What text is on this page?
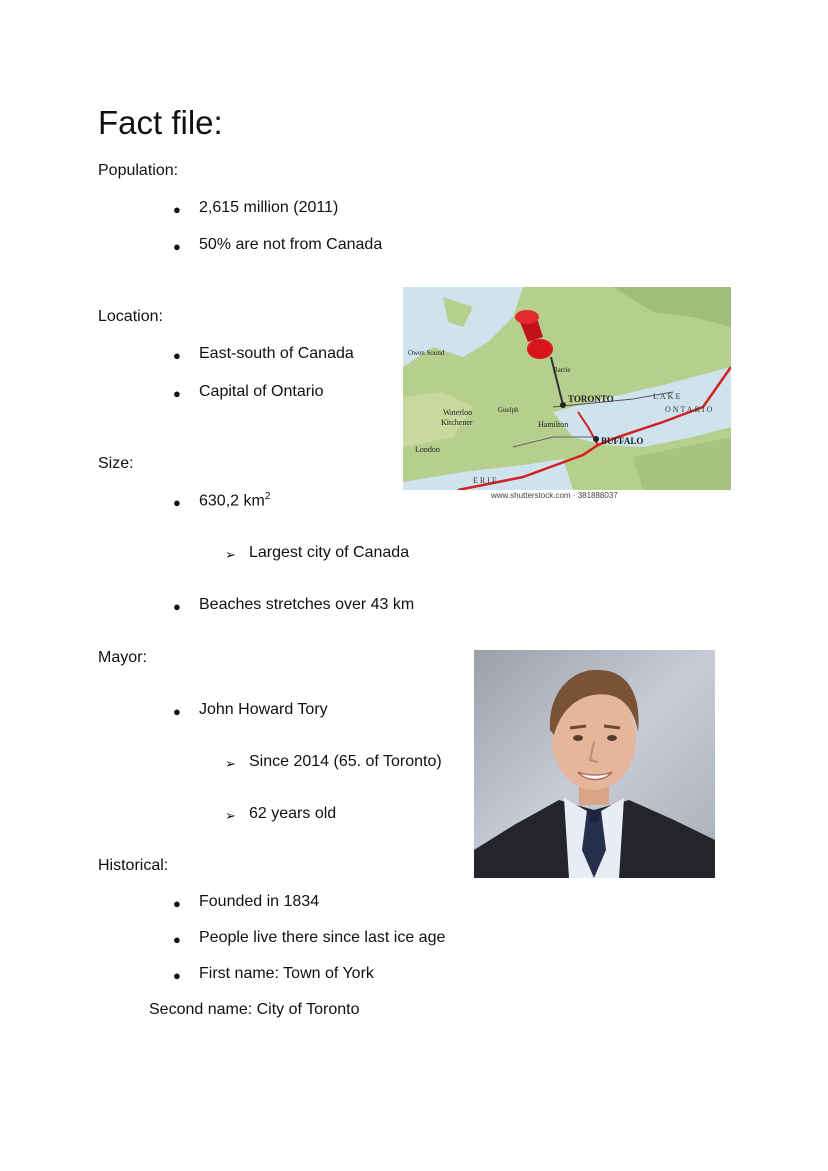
Fact file:
Population:
● 2,615 million (2011)
● 50% are not from Canada
Location:
● East-south of Canada
● Capital of Ontario	TORONTO
BUFFALO
Hamilton
Waterloo
Kitchener
London
LAKE
ONTARIO
ERIE
Owen Sound
Guelph
Barrie
www.shutterstock.com · 381888037
Size:
● 630,2 $km^2$
➢ Largest city of Canada
● Beaches stretches over 43 km
Mayor:
● John Howard Tory
➢ Since 2014 (65. of Toronto)
➢ 62 years old
Historical:
● Founded in 1834
● People live there since last ice age
● First name: Town of York
Second name: City of Toronto
